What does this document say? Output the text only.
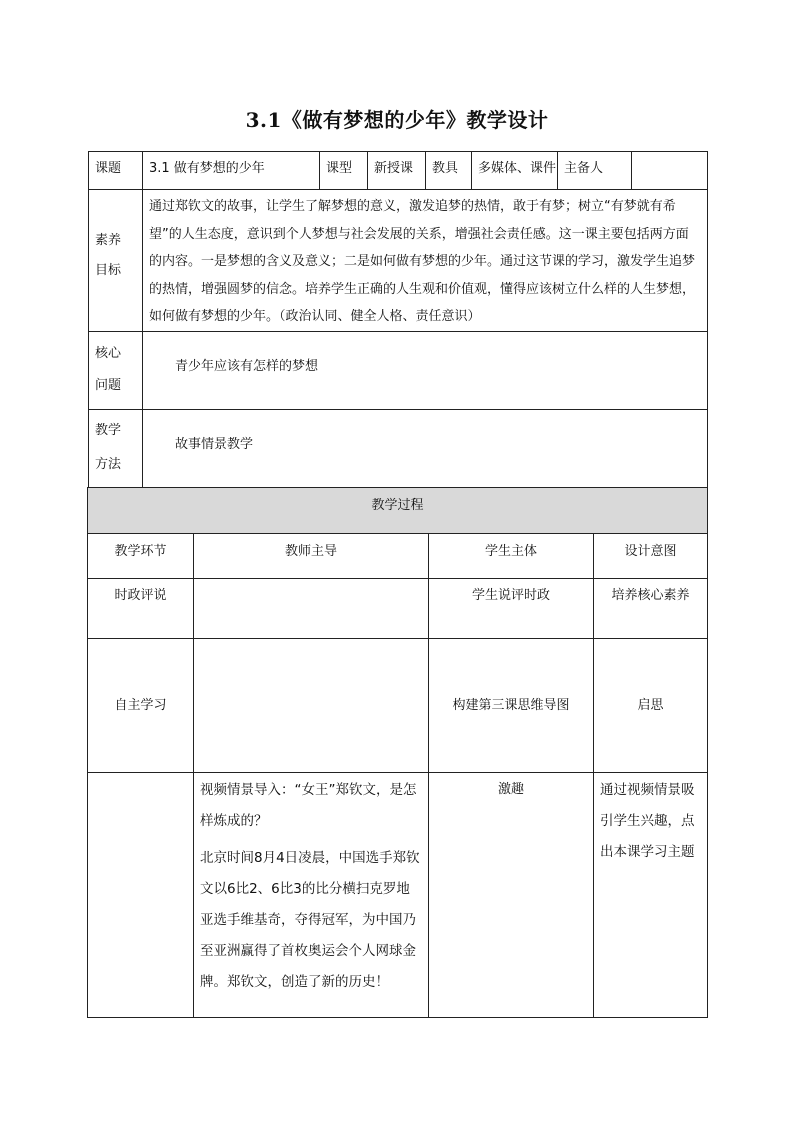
3.1《做有梦想的少年》教学设计
课题	3.1 做有梦想的少年	课型	新授课	教具	多媒体、课件	主备人	

素养
目标	通过郑钦文的故事，让学生了解梦想的意义，激发追梦的热情，敢于有梦；树立“有梦就有希望”的人生态度，意识到个人梦想与社会发展的关系，增强社会责任感。这一课主要包括两方面的内容。一是梦想的含义及意义；二是如何做有梦想的少年。通过这节课的学习，激发学生追梦的热情，增强圆梦的信念。培养学生正确的人生观和价值观，懂得应该树立什么样的人生梦想，如何做有梦想的少年。（政治认同、健全人格、责任意识）						

核心
问题	青少年应该有怎样的梦想						

教学
方法	故事情景教学						
教学过程			
教学环节	教师主导	学生主体	设计意图
时政评说		学生说评时政	培养核心素养
自主学习		构建第三课思维导图	启思

	视频情景导入：“女王”郑钦文，是怎样炼成的？

北京时间8月4日凌晨，中国选手郑钦文以6比2、6比3的比分横扫克罗地亚选手维基奇，夺得冠军，为中国乃至亚洲赢得了首枚奥运会个人网球金牌。郑钦文，创造了新的历史！	激趣	通过视频情景吸引学生兴趣，点出本课学习主题
